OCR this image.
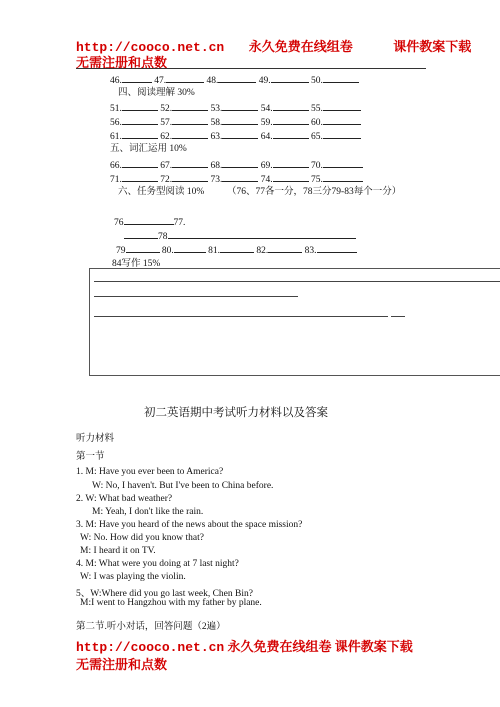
http://cooco.net.cn 永久免费在线组卷	课件教案下载
无需注册和点数
46.	47.	48.	49.	50.
四、阅读理解 30%
51.	52.	53.	54.	55.
56.	57.	58.	59.	60.
61.	62.	63.	64.	65.
五、词汇运用 10%
66.	67.	68.	69.	70.
71.	72.	73.	74.	75.
六、任务型阅读 10% （76、77各一分，78三分79-83每个一分）
76	77.
78
79	80.	81.	82.	83.
84写作 15%
初二英语期中考试听力材料以及答案
听力材料
第一节
1. M: Have you ever been to America?
W: No, I haven't. But I've been to China before.
2. W: What bad weather?
M: Yeah, I don't like the rain.
3. M: Have you heard of the news about the space mission?
W: No. How did you know that?
M: I heard it on TV.
4. M: What were you doing at 7 last night?
W: I was playing the violin.
5、W:Where did you go last week, Chen Bin?
M:I went to Hangzhou with my father by plane.
第二节.听小对话，回答问题（2遍）
http://cooco.net.cn 永久免费在线组卷 课件教案下载
无需注册和点数
